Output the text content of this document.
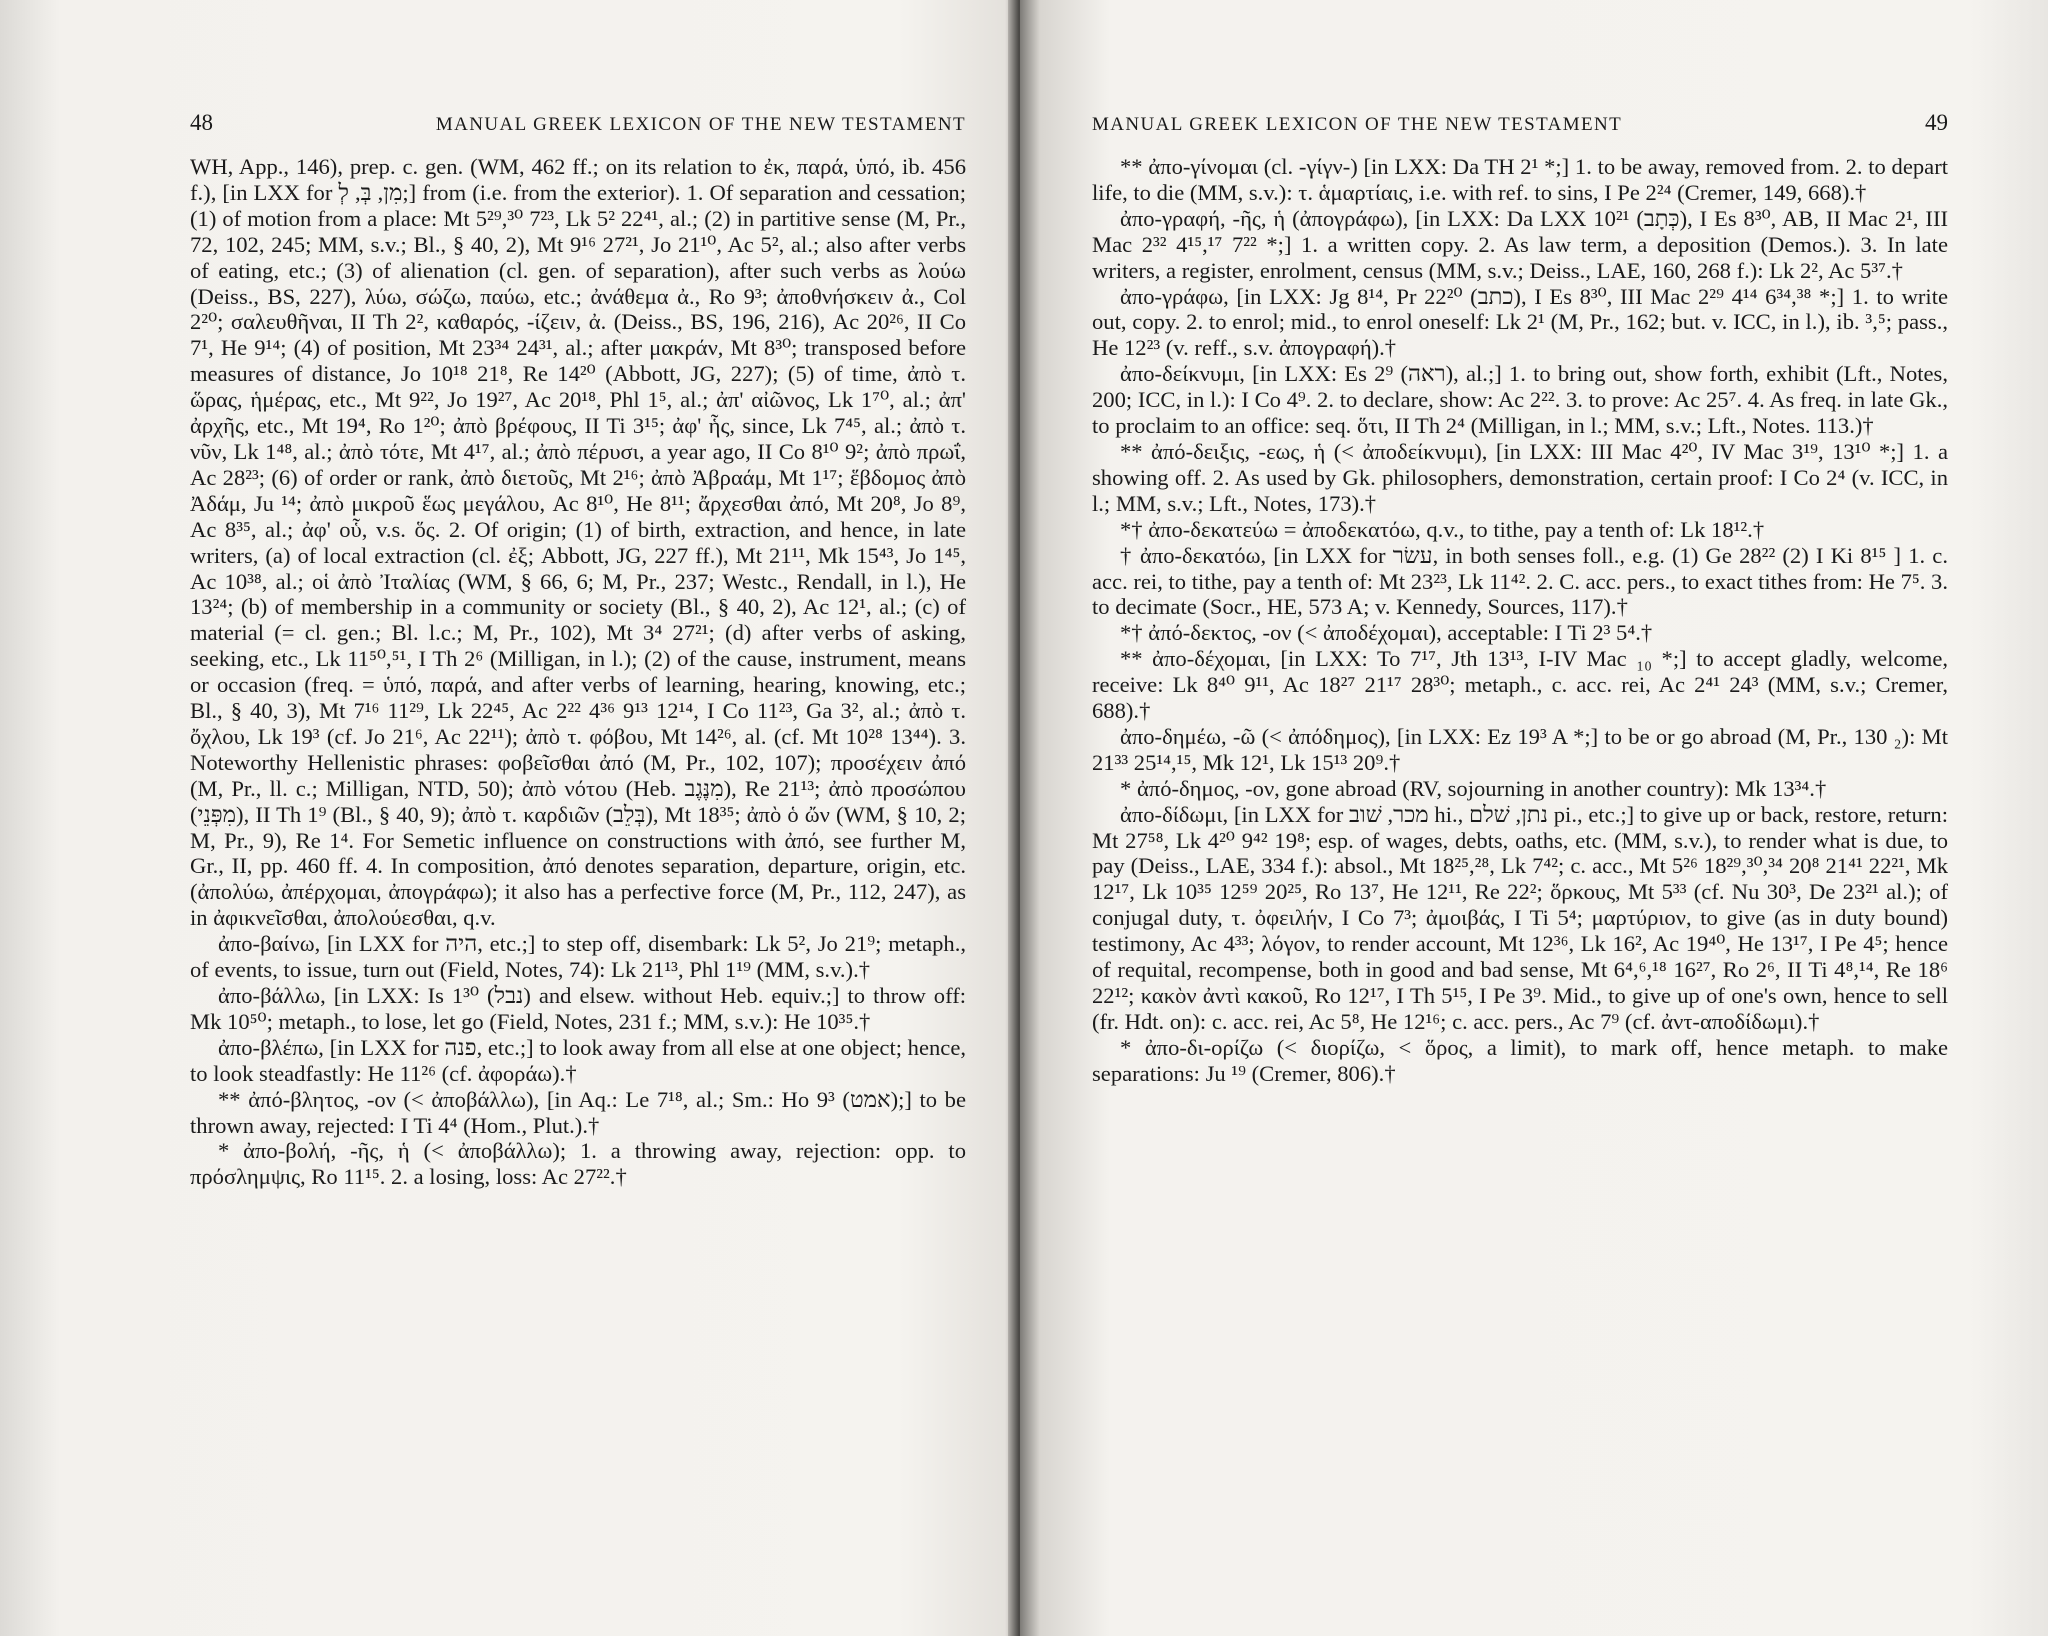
48	MANUAL GREEK LEXICON OF THE NEW TESTAMENT

WH, App., 146), prep. c. gen. (WM, 462 ff.; on its relation to ἐκ, παρά, ὑπό, ib. 456 f.), [in LXX for מִן, בְּ, לְ;] from (i.e. from the exterior). 1. Of separation and cessation; (1) of motion from a place: Mt 5²⁹,³⁰ 7²³, Lk 5² 22⁴¹, al.; (2) in partitive sense (M, Pr., 72, 102, 245; MM, s.v.; Bl., § 40, 2), Mt 9¹⁶ 27²¹, Jo 21¹⁰, Ac 5², al.; also after verbs of eating, etc.; (3) of alienation (cl. gen. of separation), after such verbs as λούω (Deiss., BS, 227), λύω, σώζω, παύω, etc.; ἀνάθεμα ἀ., Ro 9³; ἀποθνήσκειν ἀ., Col 2²⁰; σαλευθῆναι, II Th 2², καθαρός, -ίζειν, ἀ. (Deiss., BS, 196, 216), Ac 20²⁶, II Co 7¹, He 9¹⁴; (4) of position, Mt 23³⁴ 24³¹, al.; after μακράν, Mt 8³⁰; transposed before measures of distance, Jo 10¹⁸ 21⁸, Re 14²⁰ (Abbott, JG, 227); (5) of time, ἀπὸ τ. ὥρας, ἡμέρας, etc., Mt 9²², Jo 19²⁷, Ac 20¹⁸, Phl 1⁵, al.; ἀπ' αἰῶνος, Lk 1⁷⁰, al.; ἀπ' ἀρχῆς, etc., Mt 19⁴, Ro 1²⁰; ἀπὸ βρέφους, II Ti 3¹⁵; ἀφ' ἧς, since, Lk 7⁴⁵, al.; ἀπὸ τ. νῦν, Lk 1⁴⁸, al.; ἀπὸ τότε, Mt 4¹⁷, al.; ἀπὸ πέρυσι, a year ago, II Co 8¹⁰ 9²; ἀπὸ πρωΐ, Ac 28²³; (6) of order or rank, ἀπὸ διετοῦς, Mt 2¹⁶; ἀπὸ Ἀβραάμ, Mt 1¹⁷; ἕβδομος ἀπὸ Ἀδάμ, Ju ¹⁴; ἀπὸ μικροῦ ἕως μεγάλου, Ac 8¹⁰, He 8¹¹; ἄρχεσθαι ἀπό, Mt 20⁸, Jo 8⁹, Ac 8³⁵, al.; ἀφ' οὗ, v.s. ὅς. 2. Of origin; (1) of birth, extraction, and hence, in late writers, (a) of local extraction (cl. ἐξ; Abbott, JG, 227 ff.), Mt 21¹¹, Mk 15⁴³, Jo 1⁴⁵, Ac 10³⁸, al.; οἱ ἀπὸ Ἰταλίας (WM, § 66, 6; M, Pr., 237; Westc., Rendall, in l.), He 13²⁴; (b) of membership in a community or society (Bl., § 40, 2), Ac 12¹, al.; (c) of material (= cl. gen.; Bl. l.c.; M, Pr., 102), Mt 3⁴ 27²¹; (d) after verbs of asking, seeking, etc., Lk 11⁵⁰,⁵¹, I Th 2⁶ (Milligan, in l.); (2) of the cause, instrument, means or occasion (freq. = ὑπό, παρά, and after verbs of learning, hearing, knowing, etc.; Bl., § 40, 3), Mt 7¹⁶ 11²⁹, Lk 22⁴⁵, Ac 2²² 4³⁶ 9¹³ 12¹⁴, I Co 11²³, Ga 3², al.; ἀπὸ τ. ὄχλου, Lk 19³ (cf. Jo 21⁶, Ac 22¹¹); ἀπὸ τ. φόβου, Mt 14²⁶, al. (cf. Mt 10²⁸ 13⁴⁴). 3. Noteworthy Hellenistic phrases: φοβεῖσθαι ἀπό (M, Pr., 102, 107); προσέχειν ἀπό (M, Pr., ll. c.; Milligan, NTD, 50); ἀπὸ νότου (Heb. מִנֶּגֶב), Re 21¹³; ἀπὸ προσώπου (מִפְּנֵי), II Th 1⁹ (Bl., § 40, 9); ἀπὸ τ. καρδιῶν (בְּלֵב), Mt 18³⁵; ἀπὸ ὁ ὤν (WM, § 10, 2; M, Pr., 9), Re 1⁴. For Semetic influence on constructions with ἀπό, see further M, Gr., II, pp. 460 ff. 4. In composition, ἀπό denotes separation, departure, origin, etc. (ἀπολύω, ἀπέρχομαι, ἀπογράφω); it also has a perfective force (M, Pr., 112, 247), as in ἀφικνεῖσθαι, ἀπολούεσθαι, q.v.

ἀπο-βαίνω, [in LXX for היה, etc.;] to step off, disembark: Lk 5², Jo 21⁹; metaph., of events, to issue, turn out (Field, Notes, 74): Lk 21¹³, Phl 1¹⁹ (MM, s.v.).†

ἀπο-βάλλω, [in LXX: Is 1³⁰ (נבל) and elsew. without Heb. equiv.;] to throw off: Mk 10⁵⁰; metaph., to lose, let go (Field, Notes, 231 f.; MM, s.v.): He 10³⁵.†

ἀπο-βλέπω, [in LXX for פנה, etc.;] to look away from all else at one object; hence, to look steadfastly: He 11²⁶ (cf. ἀφοράω).†

** ἀπό-βλητος, -ον (< ἀποβάλλω), [in Aq.: Le 7¹⁸, al.; Sm.: Ho 9³ (אמט);] to be thrown away, rejected: I Ti 4⁴ (Hom., Plut.).†

* ἀπο-βολή, -ῆς, ἡ (< ἀποβάλλω); 1. a throwing away, rejection: opp. to πρόσλημψις, Ro 11¹⁵. 2. a losing, loss: Ac 27²².†

MANUAL GREEK LEXICON OF THE NEW TESTAMENT	49

** ἀπο-γίνομαι (cl. -γίγν-) [in LXX: Da TH 2¹ *;] 1. to be away, removed from. 2. to depart life, to die (MM, s.v.): τ. ἁμαρτίαις, i.e. with ref. to sins, I Pe 2²⁴ (Cremer, 149, 668).†

ἀπο-γραφή, -ῆς, ἡ (ἀπογράφω), [in LXX: Da LXX 10²¹ (כְּתָב), I Es 8³⁰, AB, II Mac 2¹, III Mac 2³² 4¹⁵,¹⁷ 7²² *;] 1. a written copy. 2. As law term, a deposition (Demos.). 3. In late writers, a register, enrolment, census (MM, s.v.; Deiss., LAE, 160, 268 f.): Lk 2², Ac 5³⁷.†

ἀπο-γράφω, [in LXX: Jg 8¹⁴, Pr 22²⁰ (כתב), I Es 8³⁰, III Mac 2²⁹ 4¹⁴ 6³⁴,³⁸ *;] 1. to write out, copy. 2. to enrol; mid., to enrol oneself: Lk 2¹ (M, Pr., 162; but. v. ICC, in l.), ib. ³,⁵; pass., He 12²³ (v. reff., s.v. ἀπογραφή).†

ἀπο-δείκνυμι, [in LXX: Es 2⁹ (ראה), al.;] 1. to bring out, show forth, exhibit (Lft., Notes, 200; ICC, in l.): I Co 4⁹. 2. to declare, show: Ac 2²². 3. to prove: Ac 25⁷. 4. As freq. in late Gk., to proclaim to an office: seq. ὅτι, II Th 2⁴ (Milligan, in l.; MM, s.v.; Lft., Notes. 113.)†

** ἀπό-δειξις, -εως, ἡ (< ἀποδείκνυμι), [in LXX: III Mac 4²⁰, IV Mac 3¹⁹, 13¹⁰ *;] 1. a showing off. 2. As used by Gk. philosophers, demonstration, certain proof: I Co 2⁴ (v. ICC, in l.; MM, s.v.; Lft., Notes, 173).†

*† ἀπο-δεκατεύω = ἀποδεκατόω, q.v., to tithe, pay a tenth of: Lk 18¹².†

† ἀπο-δεκατόω, [in LXX for עשׂר, in both senses foll., e.g. (1) Ge 28²² (2) I Ki 8¹⁵ ] 1. c. acc. rei, to tithe, pay a tenth of: Mt 23²³, Lk 11⁴². 2. C. acc. pers., to exact tithes from: He 7⁵. 3. to decimate (Socr., HE, 573 A; v. Kennedy, Sources, 117).†

*† ἀπό-δεκτος, -ον (< ἀποδέχομαι), acceptable: I Ti 2³ 5⁴.†

** ἀπο-δέχομαι, [in LXX: To 7¹⁷, Jth 13¹³, I-IV Mac ₁₀ *;] to accept gladly, welcome, receive: Lk 8⁴⁰ 9¹¹, Ac 18²⁷ 21¹⁷ 28³⁰; metaph., c. acc. rei, Ac 2⁴¹ 24³ (MM, s.v.; Cremer, 688).†

ἀπο-δημέω, -ῶ (< ἀπόδημος), [in LXX: Ez 19³ A *;] to be or go abroad (M, Pr., 130 ₂): Mt 21³³ 25¹⁴,¹⁵, Mk 12¹, Lk 15¹³ 20⁹.†

* ἀπό-δημος, -ον, gone abroad (RV, sojourning in another country): Mk 13³⁴.†

ἀπο-δίδωμι, [in LXX for מכר, שׁוב hi., נתן, שׁלם pi., etc.;] to give up or back, restore, return: Mt 27⁵⁸, Lk 4²⁰ 9⁴² 19⁸; esp. of wages, debts, oaths, etc. (MM, s.v.), to render what is due, to pay (Deiss., LAE, 334 f.): absol., Mt 18²⁵,²⁸, Lk 7⁴²; c. acc., Mt 5²⁶ 18²⁹,³⁰,³⁴ 20⁸ 21⁴¹ 22²¹, Mk 12¹⁷, Lk 10³⁵ 12⁵⁹ 20²⁵, Ro 13⁷, He 12¹¹, Re 22²; ὅρκους, Mt 5³³ (cf. Nu 30³, De 23²¹ al.); of conjugal duty, τ. ὀφειλήν, I Co 7³; ἀμοιβάς, I Ti 5⁴; μαρτύριον, to give (as in duty bound) testimony, Ac 4³³; λόγον, to render account, Mt 12³⁶, Lk 16², Ac 19⁴⁰, He 13¹⁷, I Pe 4⁵; hence of requital, recompense, both in good and bad sense, Mt 6⁴,⁶,¹⁸ 16²⁷, Ro 2⁶, II Ti 4⁸,¹⁴, Re 18⁶ 22¹²; κακὸν ἀντὶ κακοῦ, Ro 12¹⁷, I Th 5¹⁵, I Pe 3⁹. Mid., to give up of one's own, hence to sell (fr. Hdt. on): c. acc. rei, Ac 5⁸, He 12¹⁶; c. acc. pers., Ac 7⁹ (cf. ἀντ-αποδίδωμι).†

* ἀπο-δι-ορίζω (< διορίζω, < ὅρος, a limit), to mark off, hence metaph. to make separations: Ju ¹⁹ (Cremer, 806).†
